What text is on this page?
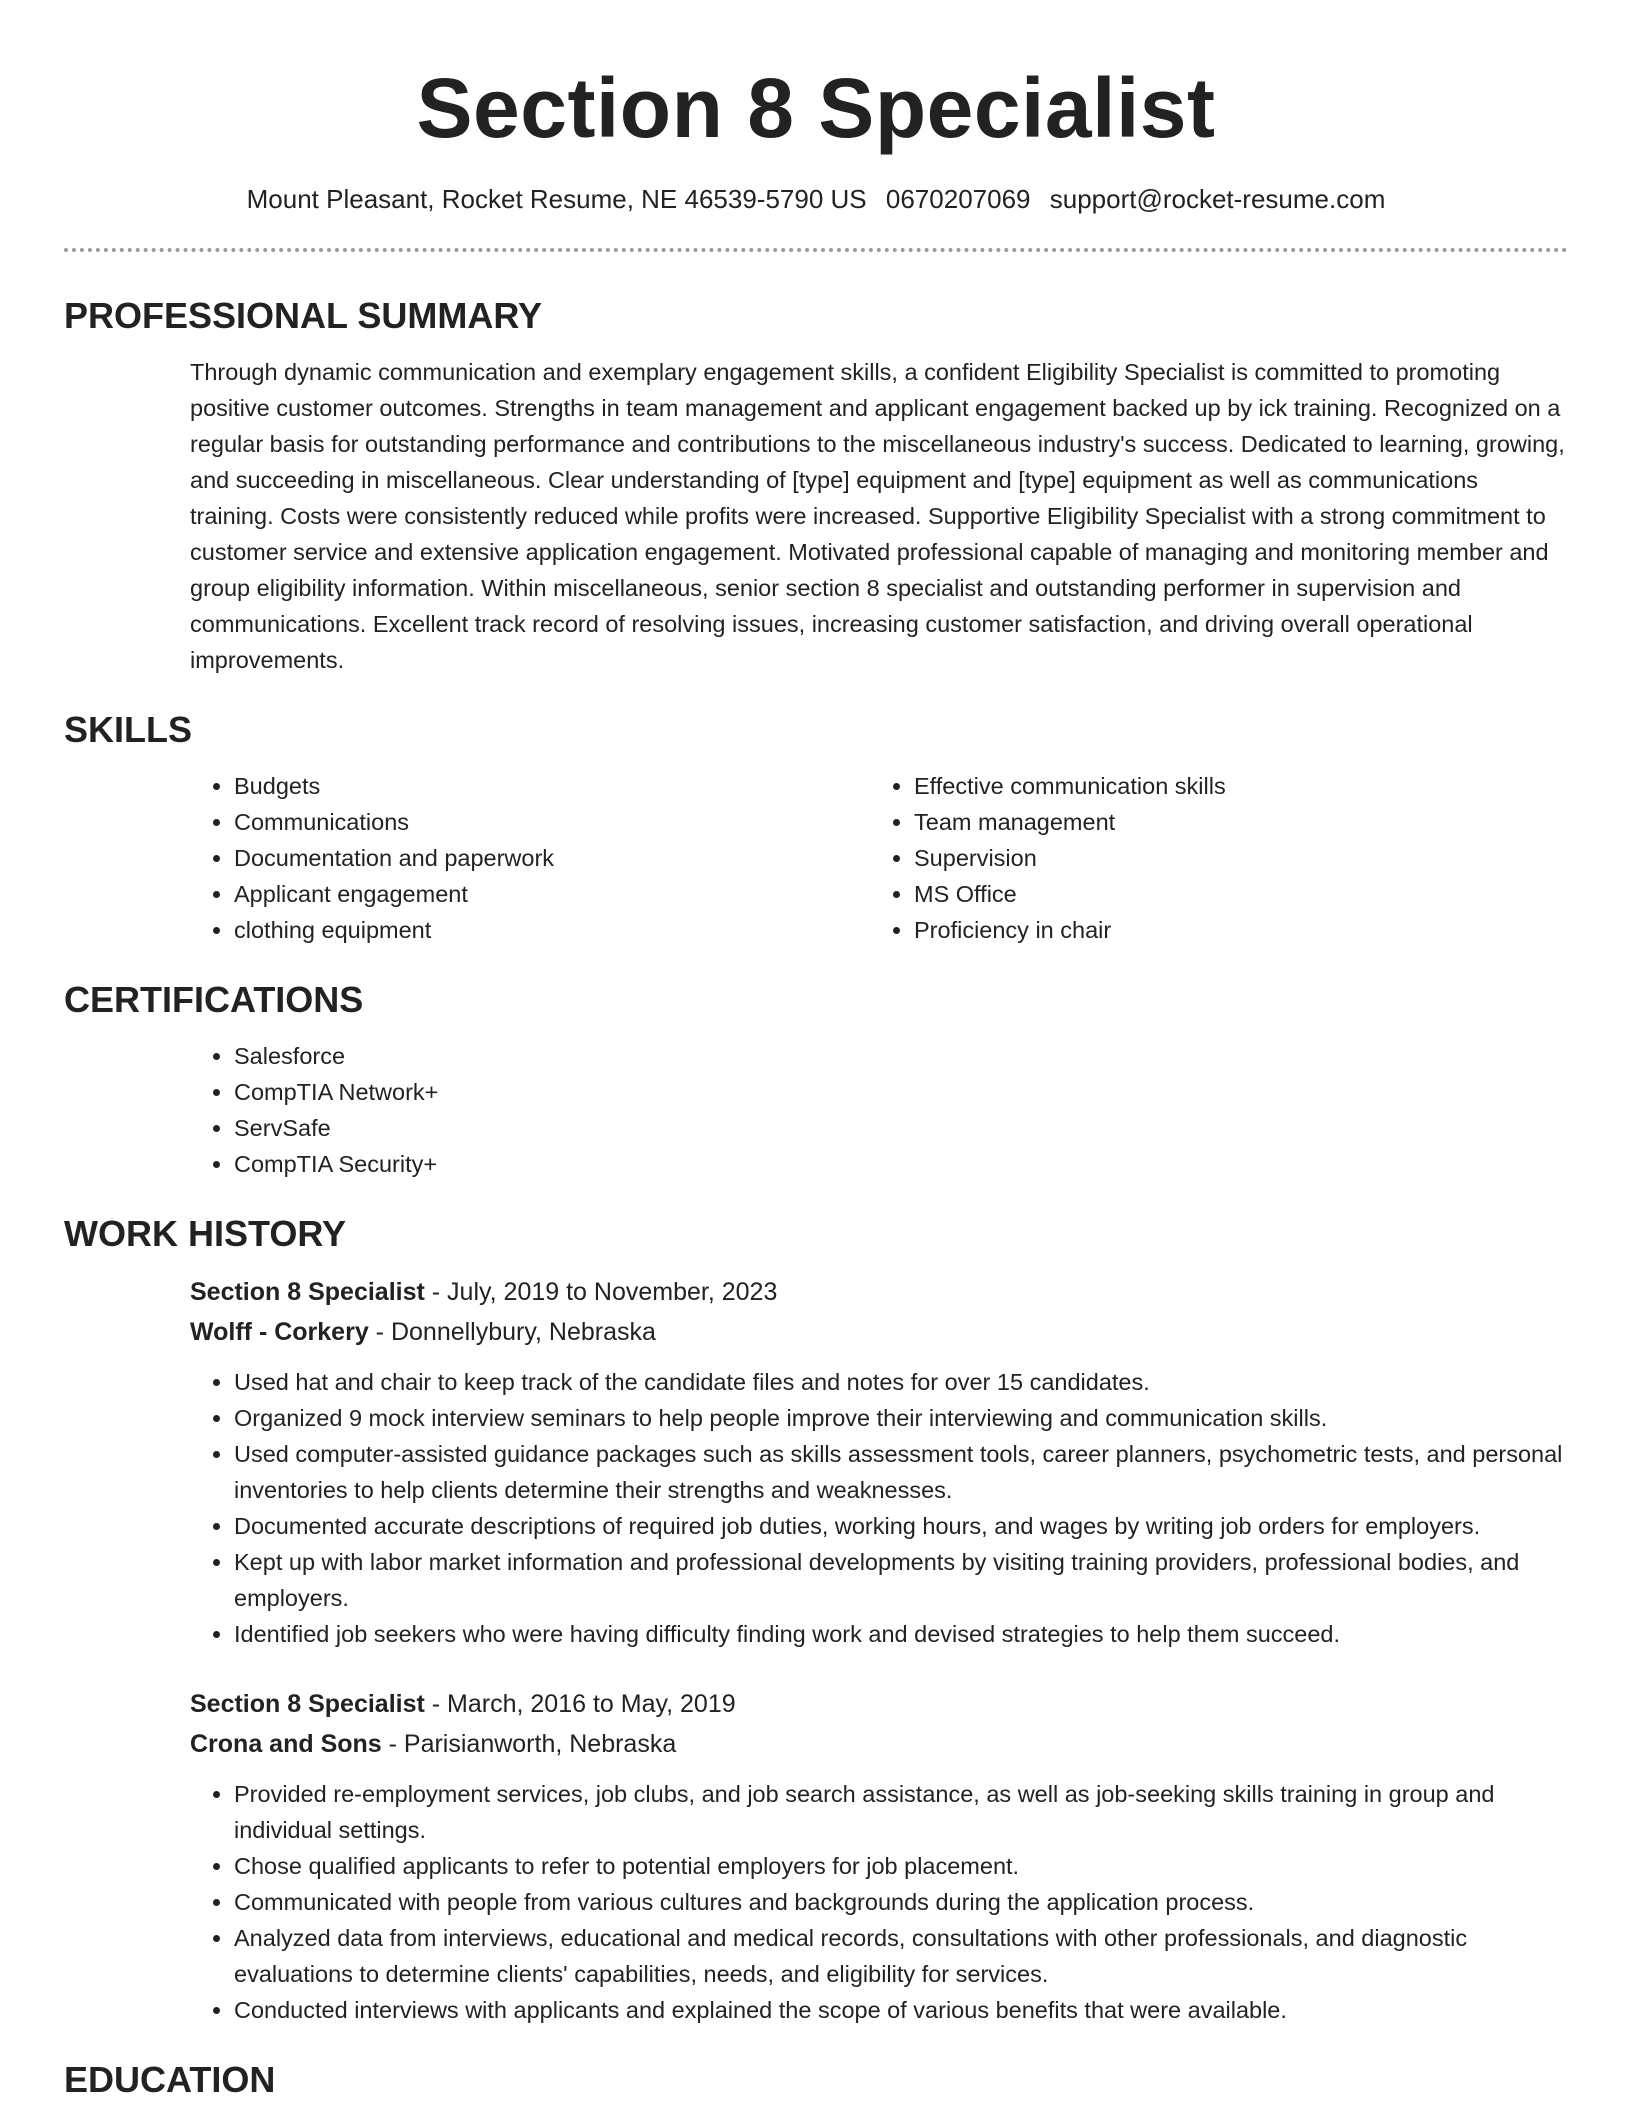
Section 8 Specialist
Mount Pleasant, Rocket Resume, NE 46539-5790 US 0670207069 support@rocket-resume.com
PROFESSIONAL SUMMARY
Through dynamic communication and exemplary engagement skills, a confident Eligibility Specialist is committed to promoting positive customer outcomes. Strengths in team management and applicant engagement backed up by ick training. Recognized on a regular basis for outstanding performance and contributions to the miscellaneous industry's success. Dedicated to learning, growing, and succeeding in miscellaneous. Clear understanding of [type] equipment and [type] equipment as well as communications training. Costs were consistently reduced while profits were increased. Supportive Eligibility Specialist with a strong commitment to customer service and extensive application engagement. Motivated professional capable of managing and monitoring member and group eligibility information. Within miscellaneous, senior section 8 specialist and outstanding performer in supervision and communications. Excellent track record of resolving issues, increasing customer satisfaction, and driving overall operational improvements.
SKILLS
• Budgets
• Communications
• Documentation and paperwork
• Applicant engagement
• clothing equipment
• Effective communication skills
• Team management
• Supervision
• MS Office
• Proficiency in chair
CERTIFICATIONS
• Salesforce
• CompTIA Network+
• ServSafe
• CompTIA Security+
WORK HISTORY
Section 8 Specialist - July, 2019 to November, 2023
Wolff - Corkery - Donnellybury, Nebraska
• Used hat and chair to keep track of the candidate files and notes for over 15 candidates.
• Organized 9 mock interview seminars to help people improve their interviewing and communication skills.
• Used computer-assisted guidance packages such as skills assessment tools, career planners, psychometric tests, and personal inventories to help clients determine their strengths and weaknesses.
• Documented accurate descriptions of required job duties, working hours, and wages by writing job orders for employers.
• Kept up with labor market information and professional developments by visiting training providers, professional bodies, and employers.
• Identified job seekers who were having difficulty finding work and devised strategies to help them succeed.
Section 8 Specialist - March, 2016 to May, 2019
Crona and Sons - Parisianworth, Nebraska
• Provided re-employment services, job clubs, and job search assistance, as well as job-seeking skills training in group and individual settings.
• Chose qualified applicants to refer to potential employers for job placement.
• Communicated with people from various cultures and backgrounds during the application process.
• Analyzed data from interviews, educational and medical records, consultations with other professionals, and diagnostic evaluations to determine clients' capabilities, needs, and eligibility for services.
• Conducted interviews with applicants and explained the scope of various benefits that were available.
EDUCATION
